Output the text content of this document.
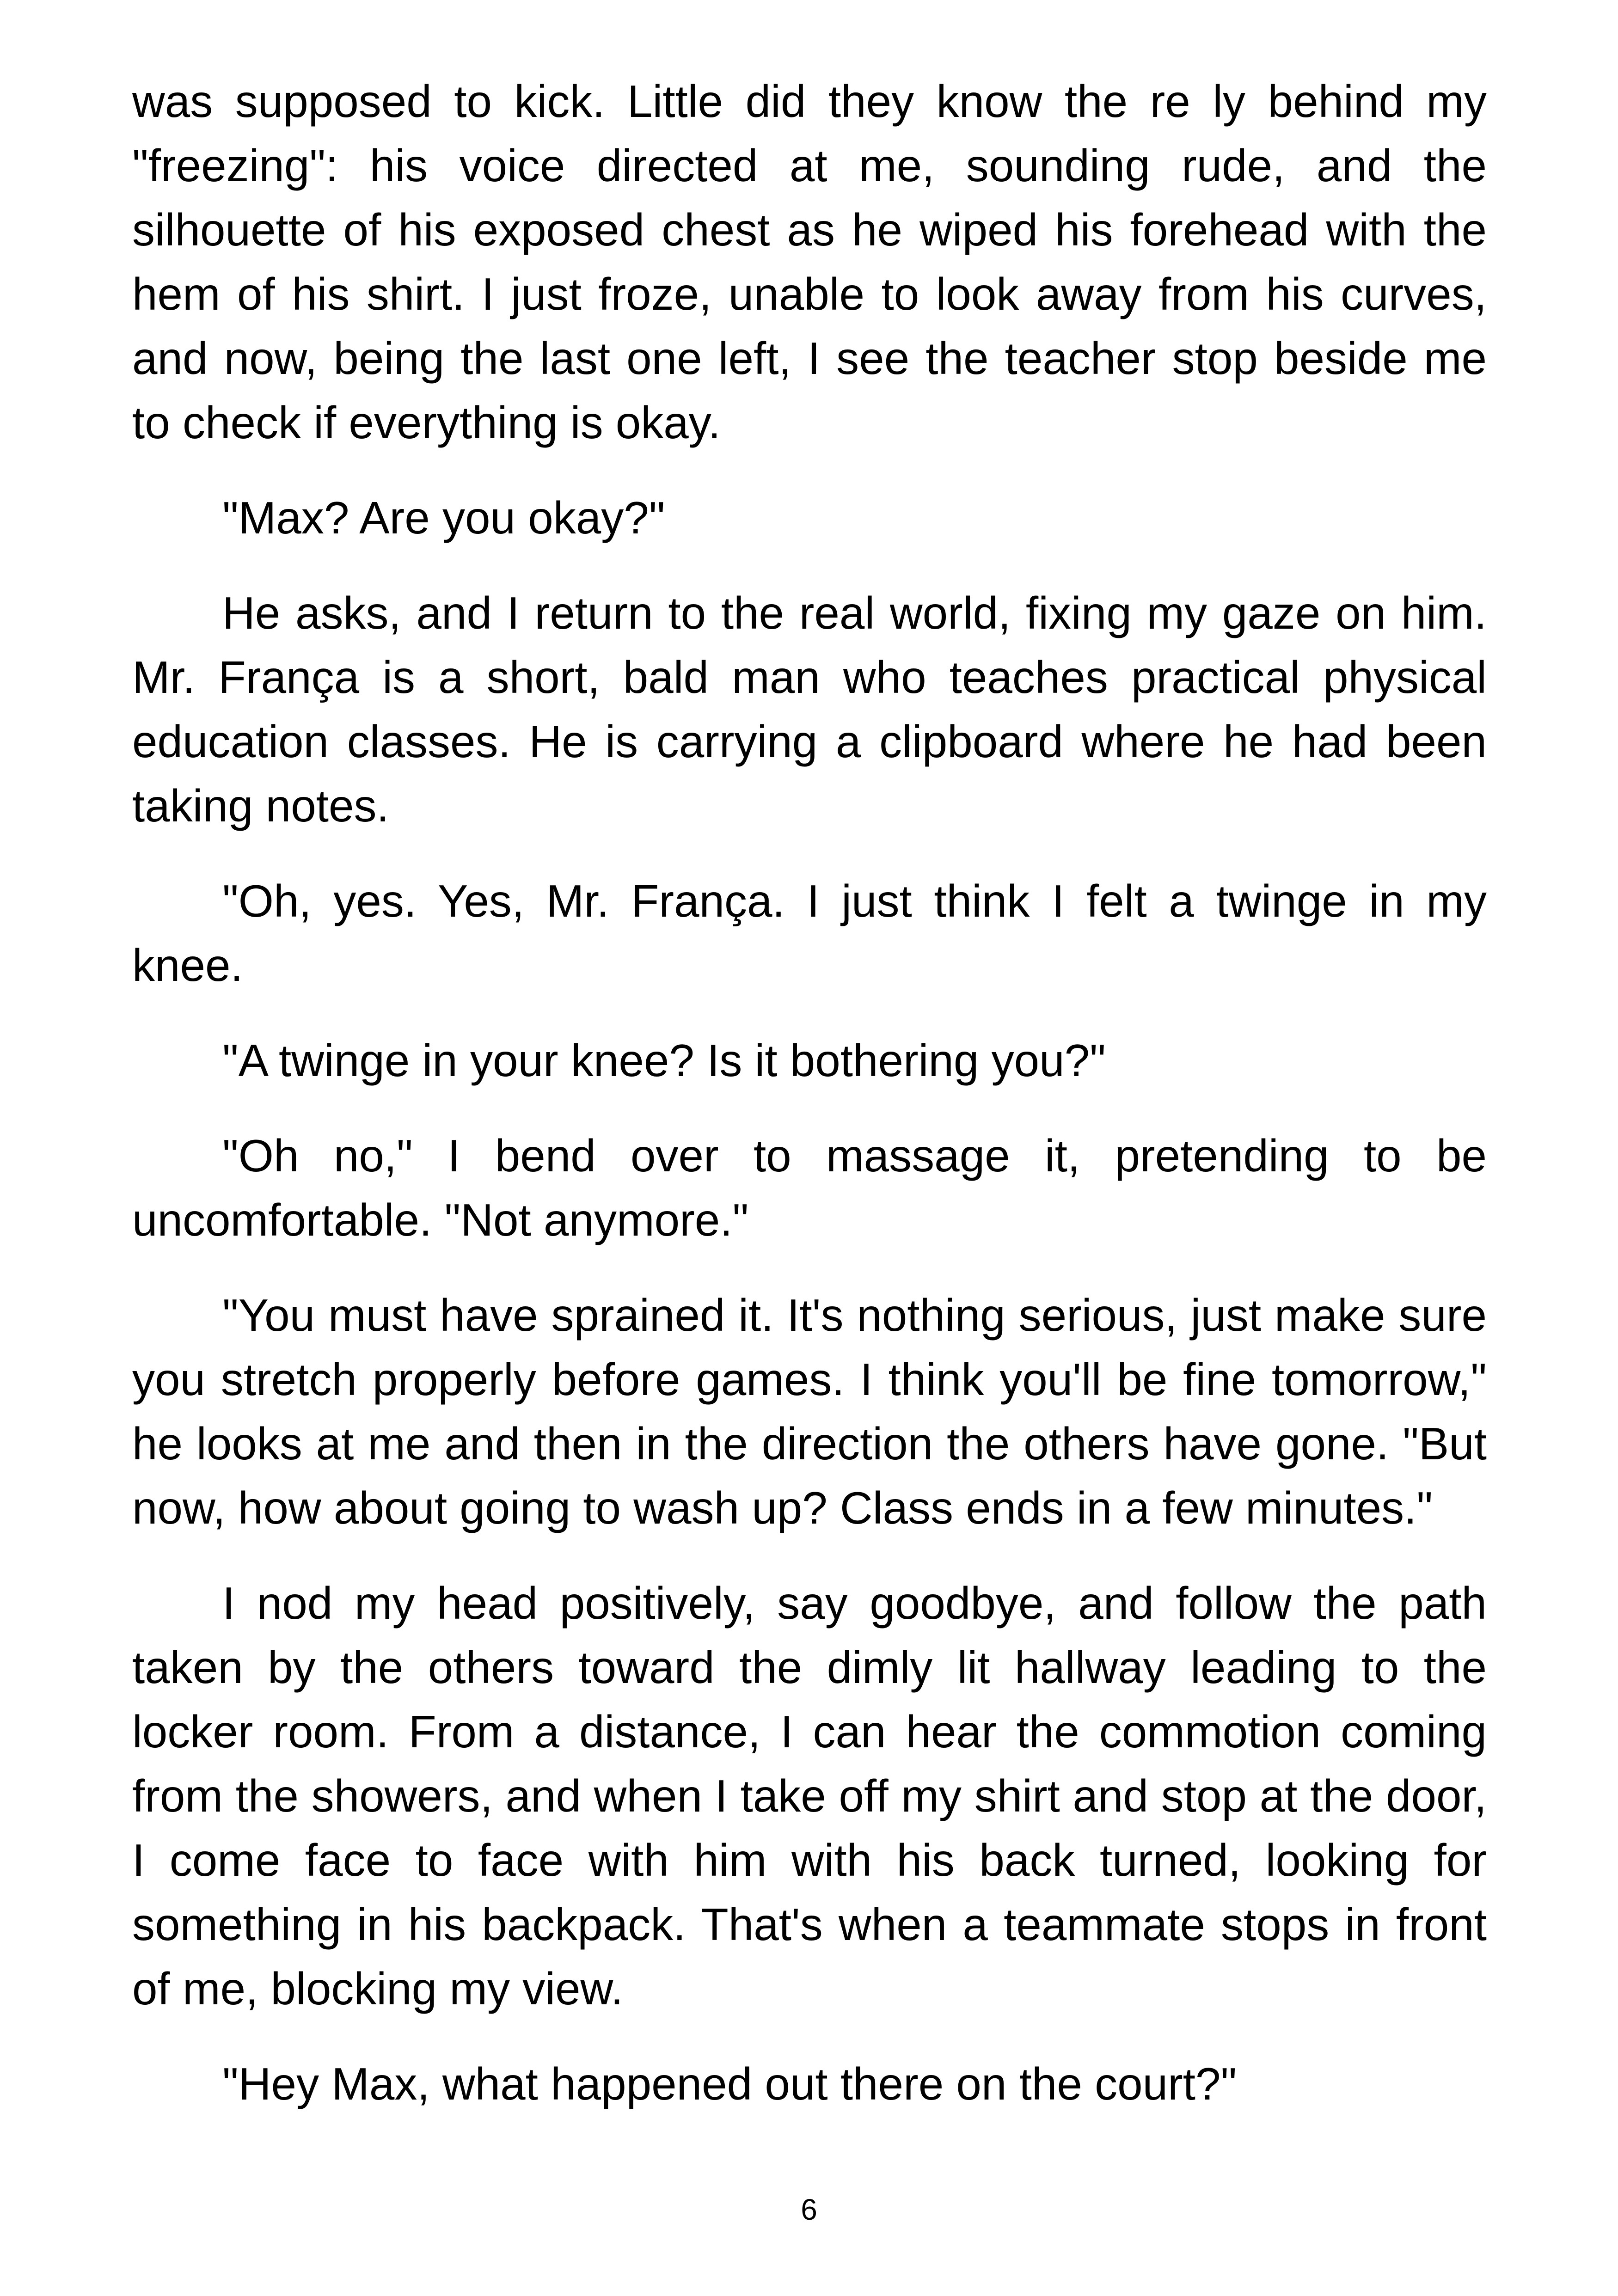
was supposed to kick. Little did they know the re ly behind my "freezing": his voice directed at me, sounding rude, and the silhouette of his exposed chest as he wiped his forehead with the hem of his shirt. I just froze, unable to look away from his curves, and now, being the last one left, I see the teacher stop beside me to check if everything is okay.

"Max? Are you okay?"

He asks, and I return to the real world, fixing my gaze on him. Mr. França is a short, bald man who teaches practical physical education classes. He is carrying a clipboard where he had been taking notes.

"Oh, yes. Yes, Mr. França. I just think I felt a twinge in my knee.

"A twinge in your knee? Is it bothering you?"

"Oh no," I bend over to massage it, pretending to be uncomfortable. "Not anymore."

"You must have sprained it. It's nothing serious, just make sure you stretch properly before games. I think you'll be fine tomorrow," he looks at me and then in the direction the others have gone. "But now, how about going to wash up? Class ends in a few minutes."

I nod my head positively, say goodbye, and follow the path taken by the others toward the dimly lit hallway leading to the locker room. From a distance, I can hear the commotion coming from the showers, and when I take off my shirt and stop at the door, I come face to face with him with his back turned, looking for something in his backpack. That's when a teammate stops in front of me, blocking my view.

"Hey Max, what happened out there on the court?"

6
